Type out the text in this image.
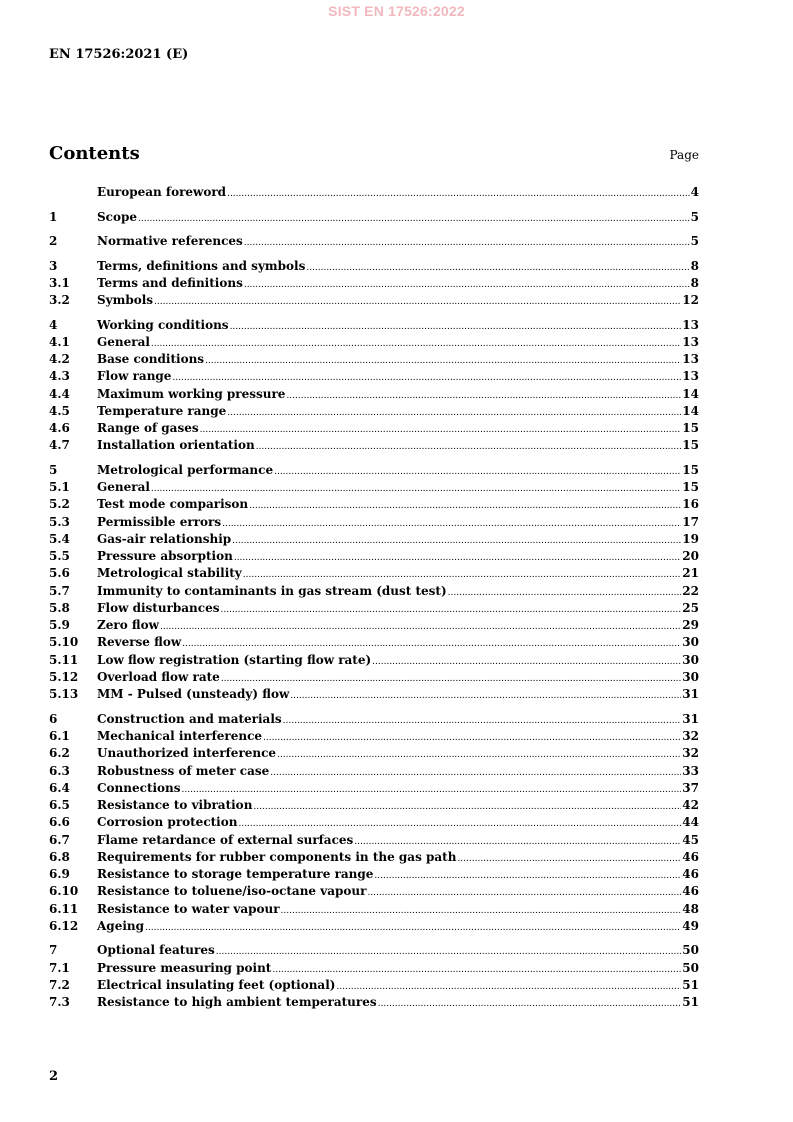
SIST EN 17526:2022
EN 17526:2021 (E)
Contents	Page
European foreword .....	4
1	Scope .....	5
2	Normative references .....	5
3	Terms, definitions and symbols .....	8
3.1	Terms and definitions .....	8
3.2	Symbols .....	12
4	Working conditions .....	13
4.1	General .....	13
4.2	Base conditions .....	13
4.3	Flow range .....	13
4.4	Maximum working pressure .....	14
4.5	Temperature range .....	14
4.6	Range of gases .....	15
4.7	Installation orientation .....	15
5	Metrological performance .....	15
5.1	General .....	15
5.2	Test mode comparison .....	16
5.3	Permissible errors .....	17
5.4	Gas-air relationship .....	19
5.5	Pressure absorption .....	20
5.6	Metrological stability .....	21
5.7	Immunity to contaminants in gas stream (dust test) .....	22
5.8	Flow disturbances .....	25
5.9	Zero flow .....	29
5.10	Reverse flow .....	30
5.11	Low flow registration (starting flow rate) .....	30
5.12	Overload flow rate .....	30
5.13	MM - Pulsed (unsteady) flow .....	31
6	Construction and materials .....	31
6.1	Mechanical interference .....	32
6.2	Unauthorized interference .....	32
6.3	Robustness of meter case .....	33
6.4	Connections .....	37
6.5	Resistance to vibration .....	42
6.6	Corrosion protection .....	44
6.7	Flame retardance of external surfaces .....	45
6.8	Requirements for rubber components in the gas path .....	46
6.9	Resistance to storage temperature range .....	46
6.10	Resistance to toluene/iso-octane vapour .....	46
6.11	Resistance to water vapour .....	48
6.12	Ageing .....	49
7	Optional features .....	50
7.1	Pressure measuring point .....	50
7.2	Electrical insulating feet (optional) .....	51
7.3	Resistance to high ambient temperatures .....	51
2
